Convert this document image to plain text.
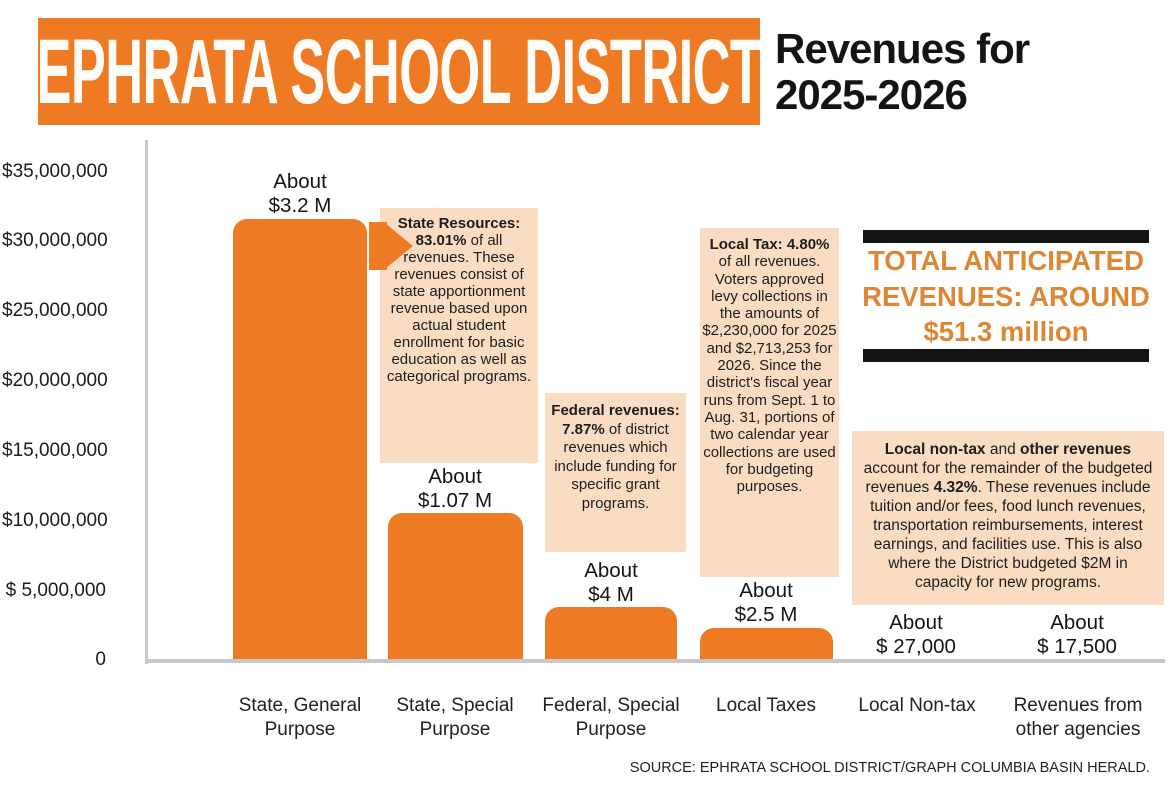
EPHRATA SCHOOL DISTRICT Revenues for
2025-2026
$35,000,000
$30,000,000
$25,000,000
$20,000,000
$15,000,000
$10,000,000
$ 5,000,000
0
About
$3.2 M
About
$1.07 M
About
$4 M	About
$2.5 M	About
$ 27,000
About
$ 17,500
State Resources: 83.01% of all revenues. These revenues consist of state apportionment revenue based upon actual student enrollment for basic education as well as categorical programs.
Federal revenues: 7.87% of district revenues which include funding for specific grant programs.
Local Tax: 4.80% of all revenues. Voters approved levy collections in the amounts of $2,230,000 for 2025 and $2,713,253 for 2026. Since the district's fiscal year runs from Sept. 1 to Aug. 31, portions of two calendar year collections are used for budgeting purposes.
Local non-tax and other revenues account for the remainder of the budgeted revenues 4.32%. These revenues include tuition and/or fees, food lunch revenues, transportation reimbursements, interest earnings, and facilities use. This is also where the District budgeted $2M in capacity for new programs.
TOTAL ANTICIPATED
REVENUES: AROUND
$51.3 million
State, General Purpose
State, Special Purpose
Federal, Special Purpose
Local Taxes	Local Non-tax	Revenues from other agencies
SOURCE: EPHRATA SCHOOL DISTRICT/GRAPH COLUMBIA BASIN HERALD.
